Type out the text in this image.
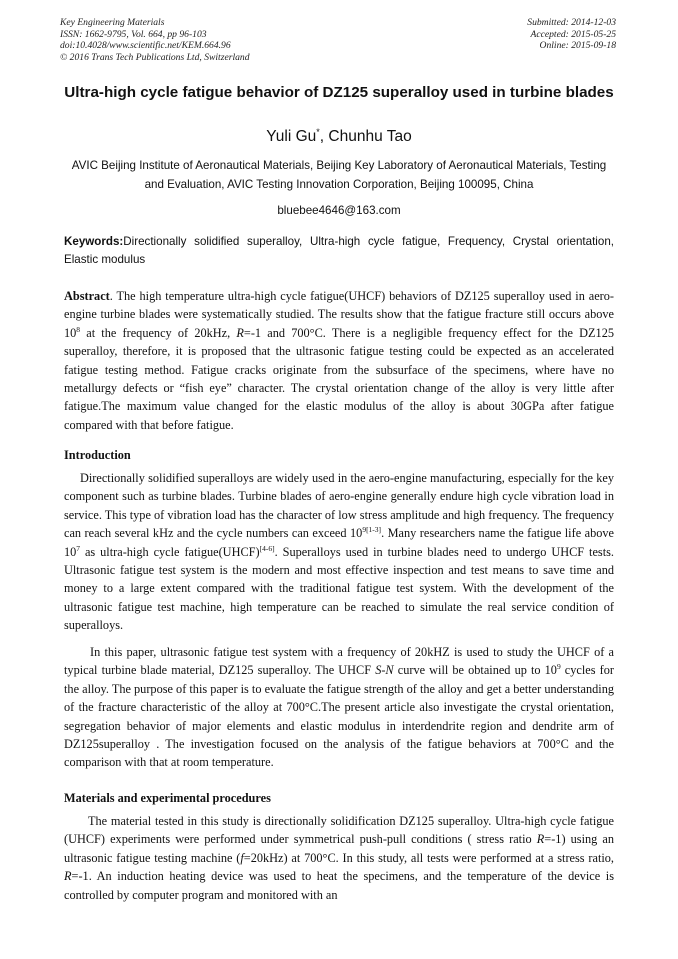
Key Engineering Materials
ISSN: 1662-9795, Vol. 664, pp 96-103
doi:10.4028/www.scientific.net/KEM.664.96
© 2016 Trans Tech Publications Ltd, Switzerland
Submitted: 2014-12-03
Accepted: 2015-05-25
Online: 2015-09-18
Ultra-high cycle fatigue behavior of DZ125 superalloy used in turbine blades
Yuli Gu*, Chunhu Tao
AVIC Beijing Institute of Aeronautical Materials, Beijing Key Laboratory of Aeronautical Materials, Testing and Evaluation, AVIC Testing Innovation Corporation, Beijing 100095, China
bluebee4646@163.com
Keywords:Directionally solidified superalloy, Ultra-high cycle fatigue, Frequency, Crystal orientation, Elastic modulus
Abstract. The high temperature ultra-high cycle fatigue(UHCF) behaviors of DZ125 superalloy used in aero-engine turbine blades were systematically studied. The results show that the fatigue fracture still occurs above 10$^8$ at the frequency of 20kHz, R=-1 and 700°C. There is a negligible frequency effect for the DZ125 superalloy, therefore, it is proposed that the ultrasonic fatigue testing could be expected as an accelerated fatigue testing method. Fatigue cracks originate from the subsurface of the specimens, where have no metallurgy defects or “fish eye” character. The crystal orientation change of the alloy is very little after fatigue.The maximum value changed for the elastic modulus of the alloy is about 30GPa after fatigue compared with that before fatigue.
Introduction
Directionally solidified superalloys are widely used in the aero-engine manufacturing, especially for the key component such as turbine blades. Turbine blades of aero-engine generally endure high cycle vibration load in service. This type of vibration load has the character of low stress amplitude and high frequency. The frequency can reach several kHz and the cycle numbers can exceed 10$^{9[1-3]}$. Many researchers name the fatigue life above 10$^7$ as ultra-high cycle fatigue(UHCF)[4-6]. Superalloys used in turbine blades need to undergo UHCF tests. Ultrasonic fatigue test system is the modern and most effective inspection and test means to save time and money to a large extent compared with the traditional fatigue test system. With the development of the ultrasonic fatigue test machine, high temperature can be reached to simulate the real service condition of superalloys.
In this paper, ultrasonic fatigue test system with a frequency of 20kHZ is used to study the UHCF of a typical turbine blade material, DZ125 superalloy. The UHCF S-N curve will be obtained up to 10$^9$ cycles for the alloy. The purpose of this paper is to evaluate the fatigue strength of the alloy and get a better understanding of the fracture characteristic of the alloy at 700°C.The present article also investigate the crystal orientation, segregation behavior of major elements and elastic modulus in interdendrite region and dendrite arm of DZ125superalloy . The investigation focused on the analysis of the fatigue behaviors at 700°C and the comparison with that at room temperature.
Materials and experimental procedures
The material tested in this study is directionally solidification DZ125 superalloy. Ultra-high cycle fatigue (UHCF) experiments were performed under symmetrical push-pull conditions ( stress ratio R=-1) using an ultrasonic fatigue testing machine (f=20kHz) at 700°C. In this study, all tests were performed at a stress ratio, R=-1. An induction heating device was used to heat the specimens, and the temperature of the device is controlled by computer program and monitored with an
